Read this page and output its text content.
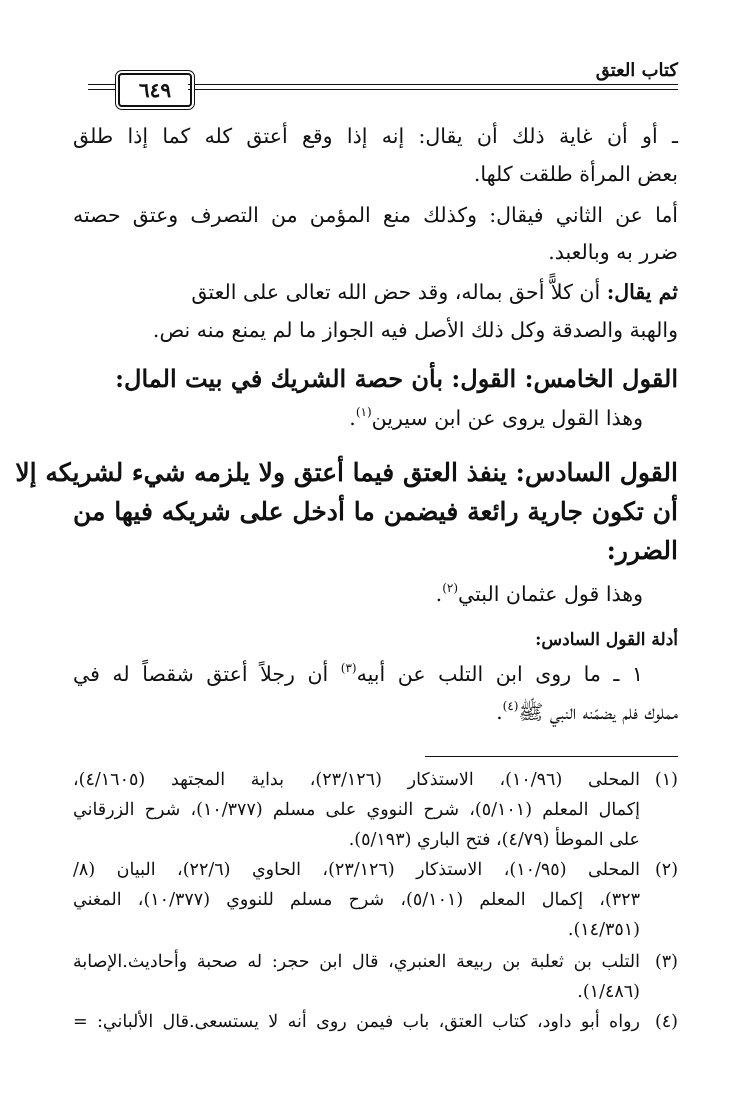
كتاب العتق
٦٤٩
ـ أو أن غاية ذلك أن يقال: إنه إذا وقع أعتق كله كما إذا طلق
بعض المرأة طلقت كلها.
أما عن الثاني فيقال: وكذلك منع المؤمن من التصرف وعتق حصته
ضرر به وبالعبد.
ثم يقال: أن كلاًّ أحق بماله، وقد حض الله تعالى على العتق
والهبة والصدقة وكل ذلك الأصل فيه الجواز ما لم يمنع منه نص.
القول الخامس: القول: بأن حصة الشريك في بيت المال:
وهذا القول يروى عن ابن سيرين$^{(١)}$.
القول السادس: ينفذ العتق فيما أعتق ولا يلزمه شيء لشريكه إلا
أن تكون جارية رائعة فيضمن ما أدخل على شريكه فيها من
الضرر:
وهذا قول عثمان البتي$^{(٢)}$.
أدلة القول السادس:
١ ـ ما روى ابن التلب عن أبيه$^{(٣)}$ أن رجلاً أعتق شقصاً له في
مملوك فلم يضمّنه النبي ﷺ$^{(٤)}$.
(١)المحلى (١٠/٩٦)، الاستذكار (٢٣/١٢٦)، بداية المجتهد (٤/١٦٠٥)،
إكمال المعلم (٥/١٠١)، شرح النووي على مسلم (١٠/٣٧٧)، شرح الزرقاني
على الموطأ (٤/٧٩)، فتح الباري (٥/١٩٣).
(٢)المحلى (١٠/٩٥)، الاستذكار (٢٣/١٢٦)، الحاوي (٢٢/٦)، البيان (٨/
٣٢٣)، إكمال المعلم (٥/١٠١)، شرح مسلم للنووي (١٠/٣٧٧)، المغني
(١٤/٣٥١).
(٣)التلب بن ثعلبة بن ربيعة العنبري، قال ابن حجر: له صحبة وأحاديث.الإصابة
(١/٤٨٦).
(٤)رواه أبو داود، كتاب العتق، باب فيمن روى أنه لا يستسعى.قال الألباني: =
